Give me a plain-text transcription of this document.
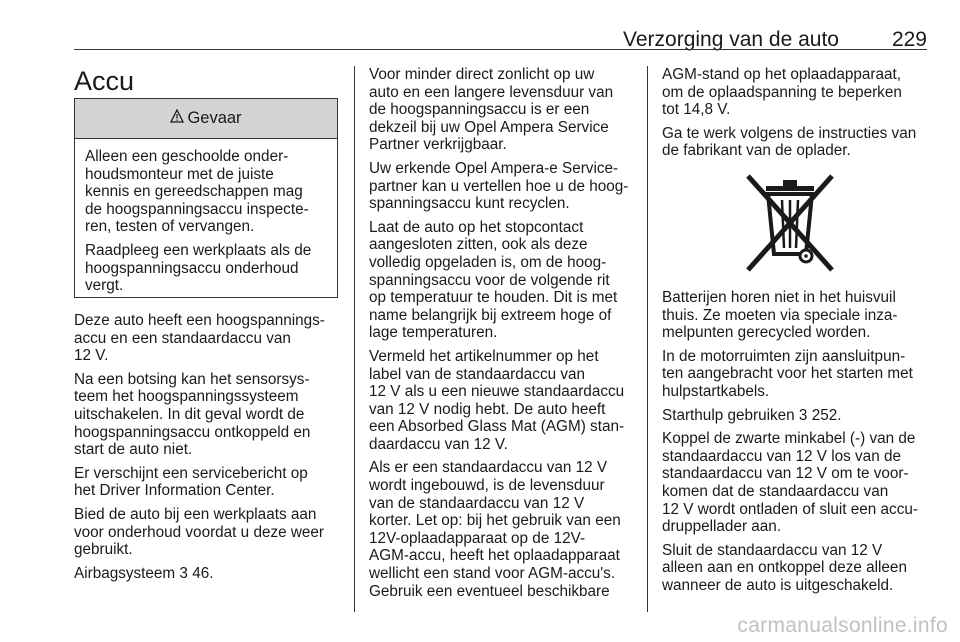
Verzorging van de auto	229
Accu
Gevaar

Alleen een geschoolde onder-
houdsmonteur met de juiste
kennis en gereedschappen mag
de hoogspanningsaccu inspecte-
ren, testen of vervangen.

Raadpleeg een werkplaats als de
hoogspanningsaccu onderhoud
vergt.

Deze auto heeft een hoogspannings-
accu en een standaardaccu van
12 V.

Na een botsing kan het sensorsys-
teem het hoogspanningssysteem
uitschakelen. In dit geval wordt de
hoogspanningsaccu ontkoppeld en
start de auto niet.

Er verschijnt een servicebericht op
het Driver Information Center.

Bied de auto bij een werkplaats aan
voor onderhoud voordat u deze weer
gebruikt.

Airbagsysteem 3 46.

Voor minder direct zonlicht op uw
auto en een langere levensduur van
de hoogspanningsaccu is er een
dekzeil bij uw Opel Ampera Service
Partner verkrijgbaar.

Uw erkende Opel Ampera-e Service-
partner kan u vertellen hoe u de hoog-
spanningsaccu kunt recyclen.

Laat de auto op het stopcontact
aangesloten zitten, ook als deze
volledig opgeladen is, om de hoog-
spanningsaccu voor de volgende rit
op temperatuur te houden. Dit is met
name belangrijk bij extreem hoge of
lage temperaturen.

Vermeld het artikelnummer op het
label van de standaardaccu van
12 V als u een nieuwe standaardaccu
van 12 V nodig hebt. De auto heeft
een Absorbed Glass Mat (AGM) stan-
daardaccu van 12 V.

Als er een standaardaccu van 12 V
wordt ingebouwd, is de levensduur
van de standaardaccu van 12 V
korter. Let op: bij het gebruik van een
12V-oplaadapparaat op de 12V-
AGM-accu, heeft het oplaadapparaat
wellicht een stand voor AGM-accu's.
Gebruik een eventueel beschikbare

AGM-stand op het oplaadapparaat,
om de oplaadspanning te beperken
tot 14,8 V.

Ga te werk volgens de instructies van
de fabrikant van de oplader.

Batterijen horen niet in het huisvuil
thuis. Ze moeten via speciale inza-
melpunten gerecycled worden.

In de motorruimten zijn aansluitpun-
ten aangebracht voor het starten met
hulpstartkabels.

Starthulp gebruiken 3 252.

Koppel de zwarte minkabel (-) van de
standaardaccu van 12 V los van de
standaardaccu van 12 V om te voor-
komen dat de standaardaccu van
12 V wordt ontladen of sluit een accu-
druppellader aan.

Sluit de standaardaccu van 12 V
alleen aan en ontkoppel deze alleen
wanneer de auto is uitgeschakeld.

carmanualsonline.info
